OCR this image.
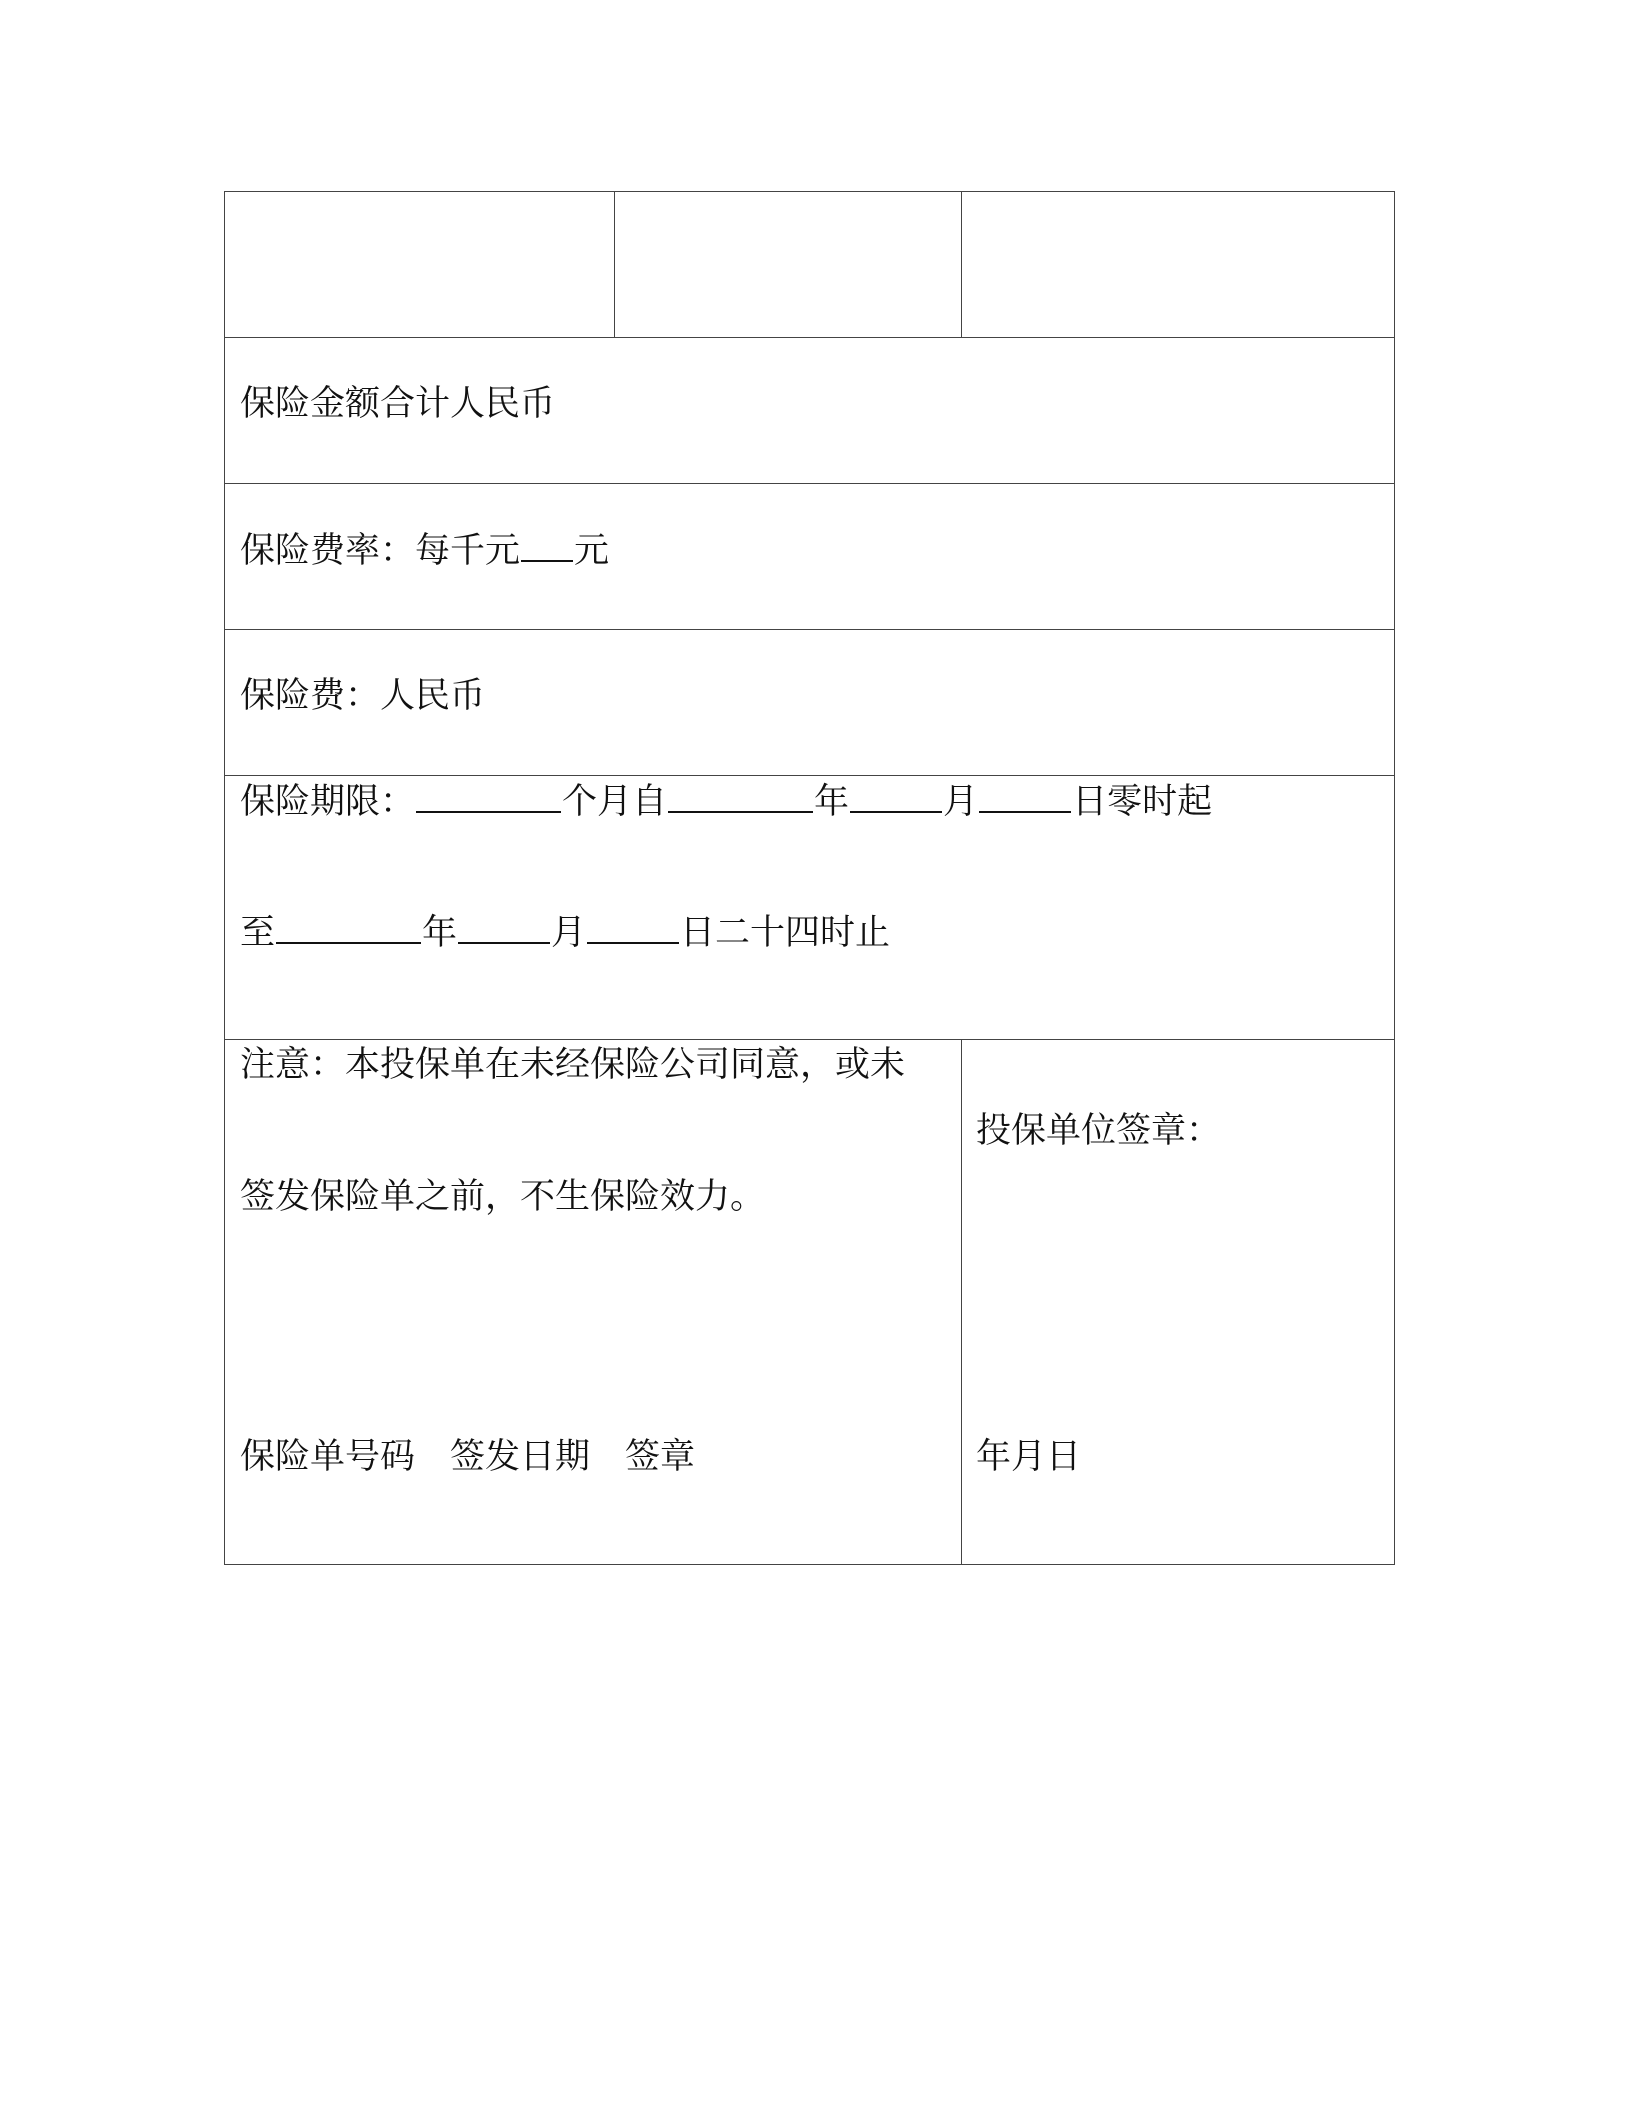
保险金额合计人民币
保险费率：每千元 元
保险费：人民币
保险期限：	个月自	年	月	日零时起
至	年	月	日二十四时止
注意：本投保单在未经保险公司同意，或未
签发保险单之前，不生保险效力。
保险单号码 签发日期 签章
投保单位签章：
年月日
